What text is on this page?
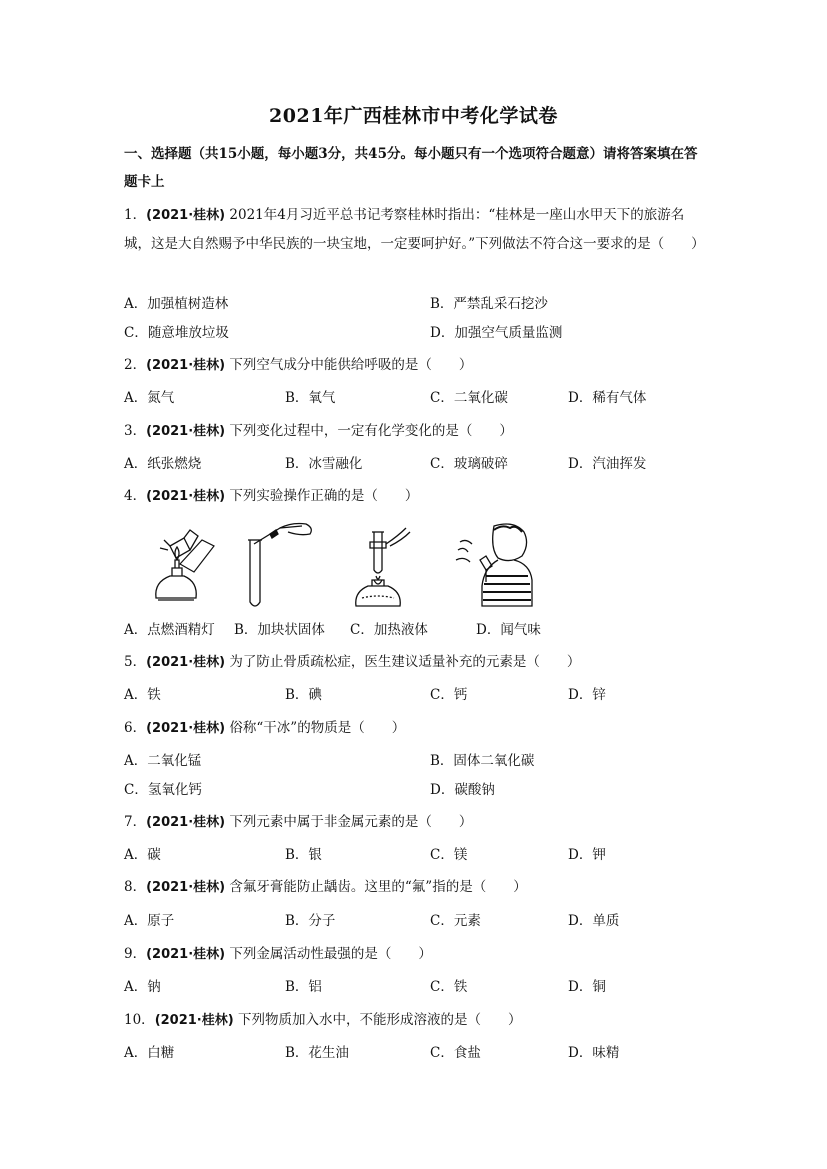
2021年广西桂林市中考化学试卷
一、选择题（共15小题，每小题3分，共45分。每小题只有一个选项符合题意）请将答案填在答题卡上
1．(2021·桂林) 2021年4月习近平总书记考察桂林时指出：“桂林是一座山水甲天下的旅游名城，这是大自然赐予中华民族的一块宝地，一定要呵护好。”下列做法不符合这一要求的是（　　）
A．加强植树造林	B．严禁乱采石挖沙
C．随意堆放垃圾	D．加强空气质量监测
2．(2021·桂林) 下列空气成分中能供给呼吸的是（　　）
A．氮气	B．氧气	C．二氧化碳	D．稀有气体
3．(2021·桂林) 下列变化过程中，一定有化学变化的是（　　）
A．纸张燃烧	B．冰雪融化	C．玻璃破碎	D．汽油挥发
4．(2021·桂林) 下列实验操作正确的是（　　）
A．点燃酒精灯 B．加块状固体 C．加热液体	D．闻气味
5．(2021·桂林) 为了防止骨质疏松症，医生建议适量补充的元素是（　　）
A．铁	B．碘	C．钙	D．锌
6．(2021·桂林) 俗称“干冰”的物质是（　　）
A．二氧化锰	B．固体二氧化碳
C．氢氧化钙	D．碳酸钠
7．(2021·桂林) 下列元素中属于非金属元素的是（　　）
A．碳	B．银	C．镁	D．钾
8．(2021·桂林) 含氟牙膏能防止龋齿。这里的“氟”指的是（　　）
A．原子	B．分子	C．元素	D．单质
9．(2021·桂林) 下列金属活动性最强的是（　　）
A．钠	B．铝	C．铁	D．铜
10．(2021·桂林) 下列物质加入水中，不能形成溶液的是（　　）
A．白糖	B．花生油	C．食盐	D．味精
